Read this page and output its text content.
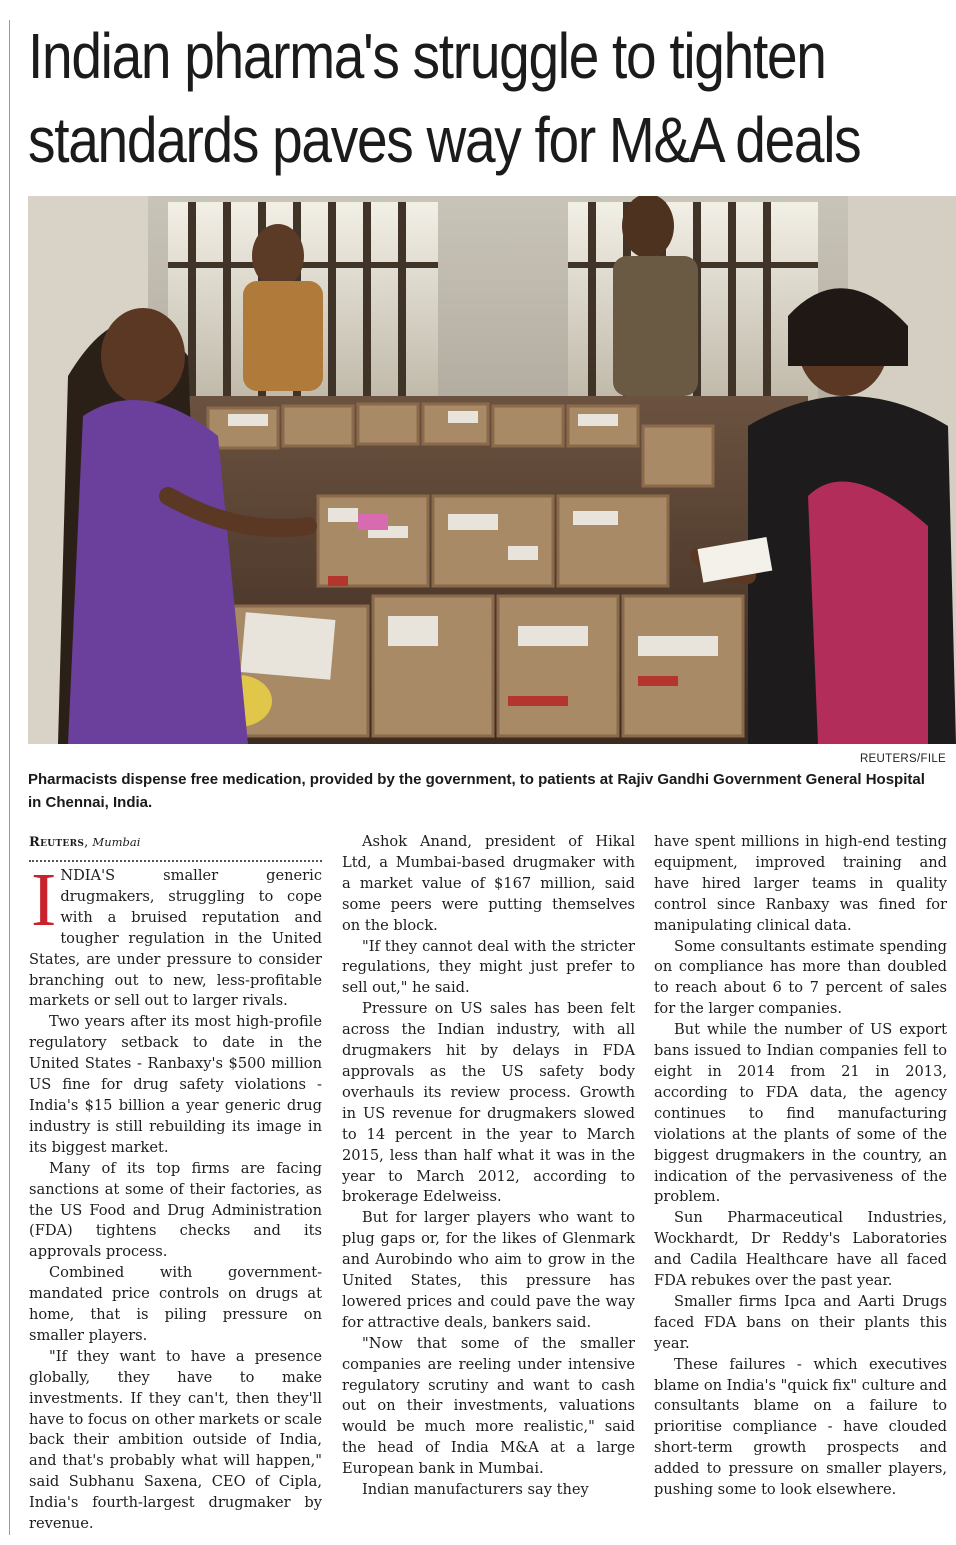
Indian pharma's struggle to tighten
standards paves way for M&A deals
REUTERS/FILE

Pharmacists dispense free medication, provided by the government, to patients at Rajiv Gandhi Government General Hospital in Chennai, India.

Reuters, Mumbai

INDIA'S smaller generic drugmakers, struggling to cope with a bruised reputation and tougher regulation in the United States, are under pressure to consider branching out to new, less-profitable markets or sell out to larger rivals.

Two years after its most high-profile regulatory setback to date in the United States - Ranbaxy's $500 million US fine for drug safety violations - India's $15 billion a year generic drug industry is still rebuilding its image in its biggest market.

Many of its top firms are facing sanctions at some of their factories, as the US Food and Drug Administration (FDA) tightens checks and its approvals process.

Combined with government-mandated price controls on drugs at home, that is piling pressure on smaller players.

"If they want to have a presence globally, they have to make investments. If they can't, then they'll have to focus on other markets or scale back their ambition outside of India, and that's probably what will happen," said Subhanu Saxena, CEO of Cipla, India's fourth-largest drugmaker by revenue.

Ashok Anand, president of Hikal Ltd, a Mumbai-based drugmaker with a market value of $167 million, said some peers were putting themselves on the block.

"If they cannot deal with the stricter regulations, they might just prefer to sell out," he said.

Pressure on US sales has been felt across the Indian industry, with all drugmakers hit by delays in FDA approvals as the US safety body overhauls its review process. Growth in US revenue for drugmakers slowed to 14 percent in the year to March 2015, less than half what it was in the year to March 2012, according to brokerage Edelweiss.

But for larger players who want to plug gaps or, for the likes of Glenmark and Aurobindo who aim to grow in the United States, this pressure has lowered prices and could pave the way for attractive deals, bankers said.

"Now that some of the smaller companies are reeling under intensive regulatory scrutiny and want to cash out on their investments, valuations would be much more realistic," said the head of India M&A at a large European bank in Mumbai.

Indian manufacturers say they

have spent millions in high-end testing equipment, improved training and have hired larger teams in quality control since Ranbaxy was fined for manipulating clinical data.

Some consultants estimate spending on compliance has more than doubled to reach about 6 to 7 percent of sales for the larger companies.

But while the number of US export bans issued to Indian companies fell to eight in 2014 from 21 in 2013, according to FDA data, the agency continues to find manufacturing violations at the plants of some of the biggest drugmakers in the country, an indication of the pervasiveness of the problem.

Sun Pharmaceutical Industries, Wockhardt, Dr Reddy's Laboratories and Cadila Healthcare have all faced FDA rebukes over the past year.

Smaller firms Ipca and Aarti Drugs faced FDA bans on their plants this year.

These failures - which executives blame on India's "quick fix" culture and consultants blame on a failure to prioritise compliance - have clouded short-term growth prospects and added to pressure on smaller players, pushing some to look elsewhere.
